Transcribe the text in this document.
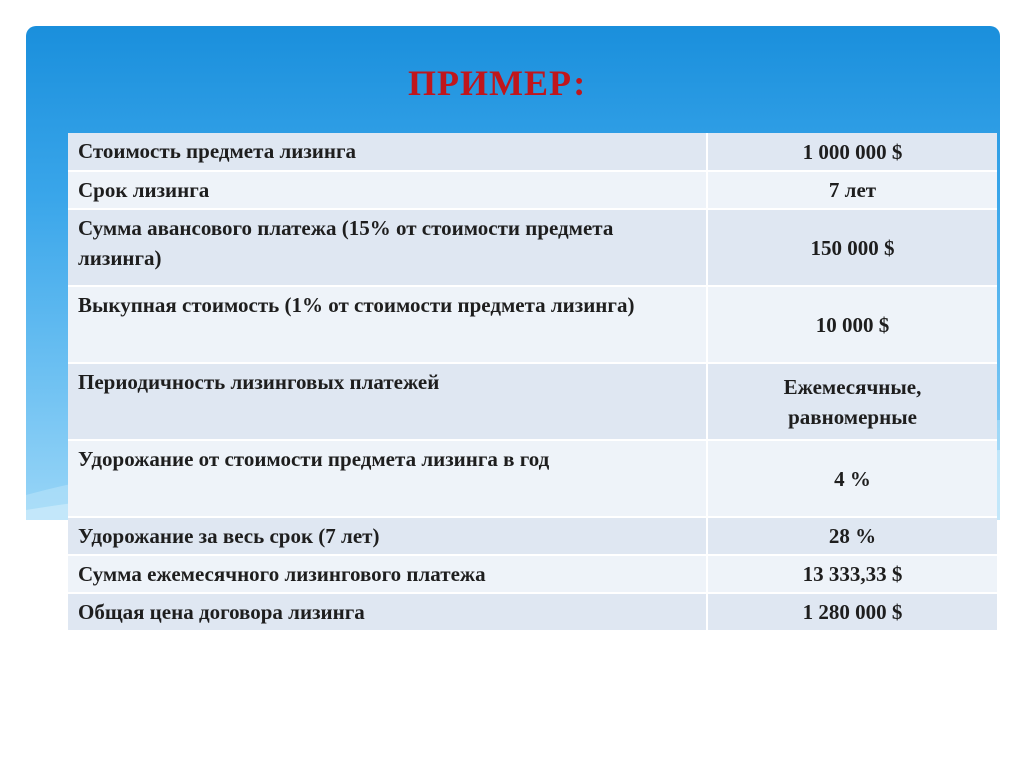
ПРИМЕР:
Стоимость предмета лизинга	1 000 000 $
Срок лизинга	7 лет
Сумма авансового платежа (15% от стоимости предмета лизинга)	150 000 $
Выкупная стоимость (1% от стоимости предмета лизинга)	10 000 $
Периодичность лизинговых платежей	Ежемесячные, равномерные
Удорожание от стоимости предмета лизинга в год	4 %
Удорожание за весь срок (7 лет)	28 %
Сумма ежемесячного лизингового платежа	13 333,33 $
Общая цена договора лизинга	1 280 000 $
